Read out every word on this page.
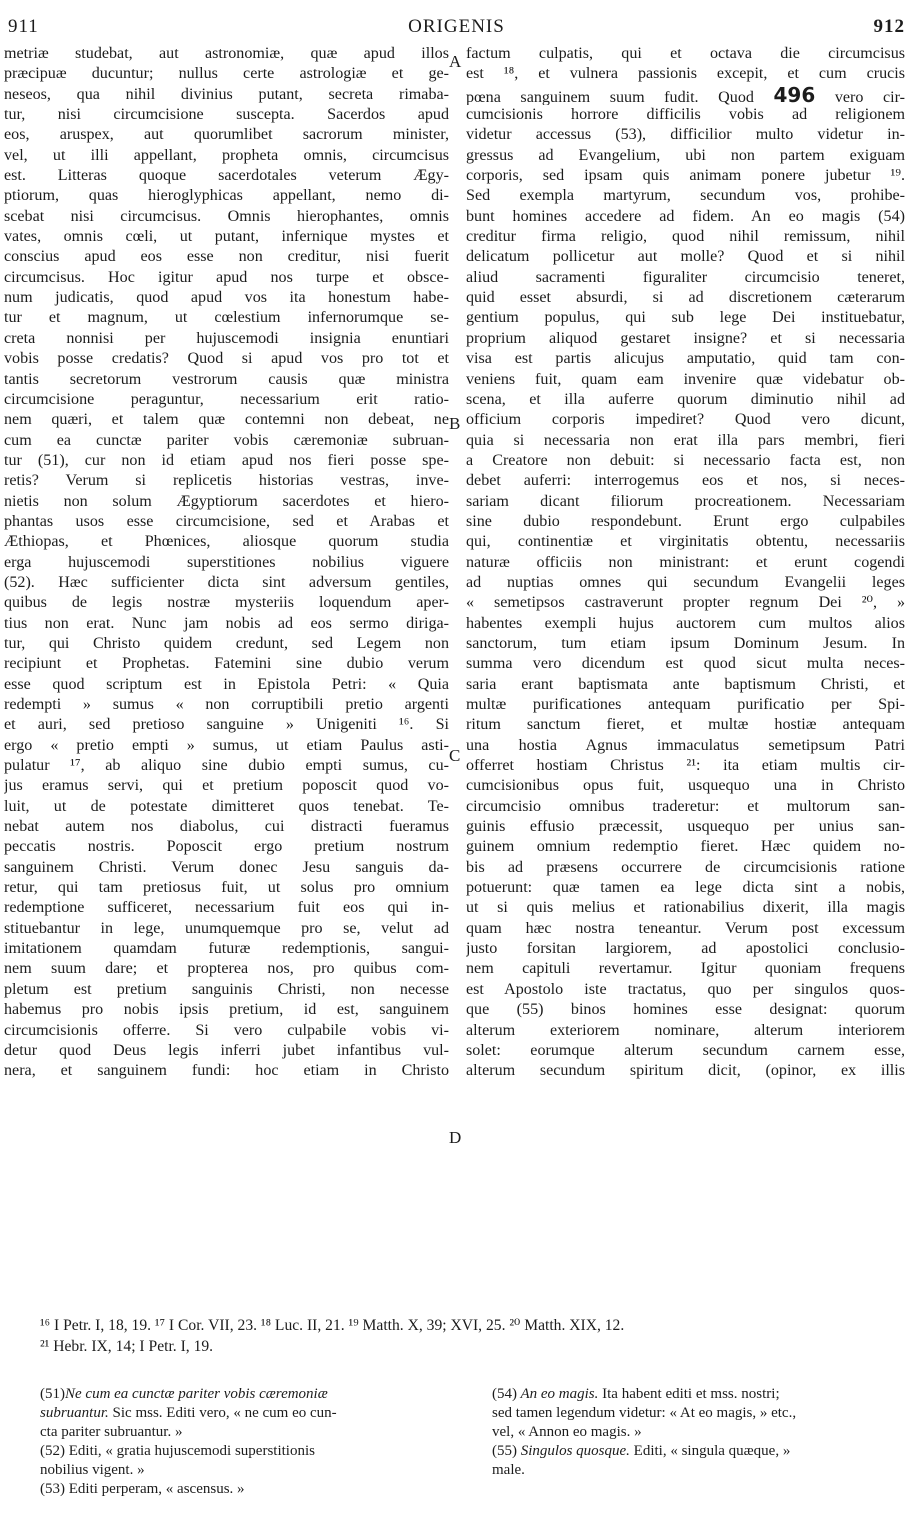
911	ORIGENIS	912
metriæ studebat, aut astronomiæ, quæ apud illos
præcipuæ ducuntur; nullus certe astrologiæ et ge-
neseos, qua nihil divinius putant, secreta rimaba-
tur, nisi circumcisione suscepta. Sacerdos apud
eos, aruspex, aut quorumlibet sacrorum minister,
vel, ut illi appellant, propheta omnis, circumcisus
est. Litteras quoque sacerdotales veterum Ægy-
ptiorum, quas hieroglyphicas appellant, nemo di-
scebat nisi circumcisus. Omnis hierophantes, omnis
vates, omnis cœli, ut putant, infernique mystes et
conscius apud eos esse non creditur, nisi fuerit
circumcisus. Hoc igitur apud nos turpe et obsce-
num judicatis, quod apud vos ita honestum habe-
tur et magnum, ut cœlestium infernorumque se-
creta nonnisi per hujuscemodi insignia enuntiari
vobis posse credatis? Quod si apud vos pro tot et
tantis secretorum vestrorum causis quæ ministra
circumcisione peraguntur, necessarium erit ratio-
nem quæri, et talem quæ contemni non debeat, ne
cum ea cunctæ pariter vobis cæremoniæ subruan-
tur (51), cur non id etiam apud nos fieri posse spe-
retis? Verum si replicetis historias vestras, inve-
nietis non solum Ægyptiorum sacerdotes et hiero-
phantas usos esse circumcisione, sed et Arabas et
Æthiopas, et Phœnices, aliosque quorum studia
erga hujuscemodi superstitiones nobilius viguere
(52). Hæc sufficienter dicta sint adversum gentiles,
quibus de legis nostræ mysteriis loquendum aper-
tius non erat. Nunc jam nobis ad eos sermo diriga-
tur, qui Christo quidem credunt, sed Legem non
recipiunt et Prophetas. Fatemini sine dubio verum
esse quod scriptum est in Epistola Petri: « Quia
redempti » sumus « non corruptibili pretio argenti
et auri, sed pretioso sanguine » Unigeniti ¹⁶. Si
ergo « pretio empti » sumus, ut etiam Paulus asti-
pulatur ¹⁷, ab aliquo sine dubio empti sumus, cu-
jus eramus servi, qui et pretium poposcit quod vo-
luit, ut de potestate dimitteret quos tenebat. Te-
nebat autem nos diabolus, cui distracti fueramus
peccatis nostris. Poposcit ergo pretium nostrum
sanguinem Christi. Verum donec Jesu sanguis da-
retur, qui tam pretiosus fuit, ut solus pro omnium
redemptione sufficeret, necessarium fuit eos qui in-
stituebantur in lege, unumquemque pro se, velut ad
imitationem quamdam futuræ redemptionis, sangui-
nem suum dare; et propterea nos, pro quibus com-
pletum est pretium sanguinis Christi, non necesse
habemus pro nobis ipsis pretium, id est, sanguinem
circumcisionis offerre. Si vero culpabile vobis vi-
detur quod Deus legis inferri jubet infantibus vul-
nera, et sanguinem fundi: hoc etiam in Christo
factum culpatis, qui et octava die circumcisus
est ¹⁸, et vulnera passionis excepit, et cum crucis
pœna sanguinem suum fudit. Quod 496 vero cir-
cumcisionis horrore difficilis vobis ad religionem
videtur accessus (53), difficilior multo videtur in-
gressus ad Evangelium, ubi non partem exiguam
corporis, sed ipsam quis animam ponere jubetur ¹⁹.
Sed exempla martyrum, secundum vos, prohibe-
bunt homines accedere ad fidem. An eo magis (54)
creditur firma religio, quod nihil remissum, nihil
delicatum pollicetur aut molle? Quod et si nihil
aliud sacramenti figuraliter circumcisio teneret,
quid esset absurdi, si ad discretionem cæterarum
gentium populus, qui sub lege Dei instituebatur,
proprium aliquod gestaret insigne? et si necessaria
visa est partis alicujus amputatio, quid tam con-
veniens fuit, quam eam invenire quæ videbatur ob-
scena, et illa auferre quorum diminutio nihil ad
officium corporis impediret? Quod vero dicunt,
quia si necessaria non erat illa pars membri, fieri
a Creatore non debuit: si necessario facta est, non
debet auferri: interrogemus eos et nos, si neces-
sariam dicant filiorum procreationem. Necessariam
sine dubio respondebunt. Erunt ergo culpabiles
qui, continentiæ et virginitatis obtentu, necessariis
naturæ officiis non ministrant: et erunt cogendi
ad nuptias omnes qui secundum Evangelii leges
« semetipsos castraverunt propter regnum Dei ²⁰, »
habentes exempli hujus auctorem cum multos alios
sanctorum, tum etiam ipsum Dominum Jesum. In
summa vero dicendum est quod sicut multa neces-
saria erant baptismata ante baptismum Christi, et
multæ purificationes antequam purificatio per Spi-
ritum sanctum fieret, et multæ hostiæ antequam
una hostia Agnus immaculatus semetipsum Patri
offerret hostiam Christus ²¹: ita etiam multis cir-
cumcisionibus opus fuit, usquequo una in Christo
circumcisio omnibus traderetur: et multorum san-
guinis effusio præcessit, usquequo per unius san-
guinem omnium redemptio fieret. Hæc quidem no-
bis ad præsens occurrere de circumcisionis ratione
potuerunt: quæ tamen ea lege dicta sint a nobis,
ut si quis melius et rationabilius dixerit, illa magis
quam hæc nostra teneantur. Verum post excessum
justo forsitan largiorem, ad apostolici conclusio-
nem capituli revertamur. Igitur quoniam frequens
est Apostolo iste tractatus, quo per singulos quos-
que (55) binos homines esse designat: quorum
alterum exteriorem nominare, alterum interiorem
solet: eorumque alterum secundum carnem esse,
alterum secundum spiritum dicit, (opinor, ex illis
A
B
C
D
¹⁶ I Petr. I, 18, 19. ¹⁷ I Cor. VII, 23. ¹⁸ Luc. II, 21. ¹⁹ Matth. X, 39; XVI, 25. ²⁰ Matth. XIX, 12.
²¹ Hebr. IX, 14; I Petr. I, 19.
(51)Ne cum ea cunctæ pariter vobis cæremoniæ
subruantur. Sic mss. Editi vero, « ne cum eo cun-
cta pariter subruantur. »
(52) Editi, « gratia hujuscemodi superstitionis
nobilius vigent. »
(53) Editi perperam, « ascensus. »
(54) An eo magis. Ita habent editi et mss. nostri;
sed tamen legendum videtur: « At eo magis, » etc.,
vel, « Annon eo magis. »
(55) Singulos quosque. Editi, « singula quæque, »
male.
